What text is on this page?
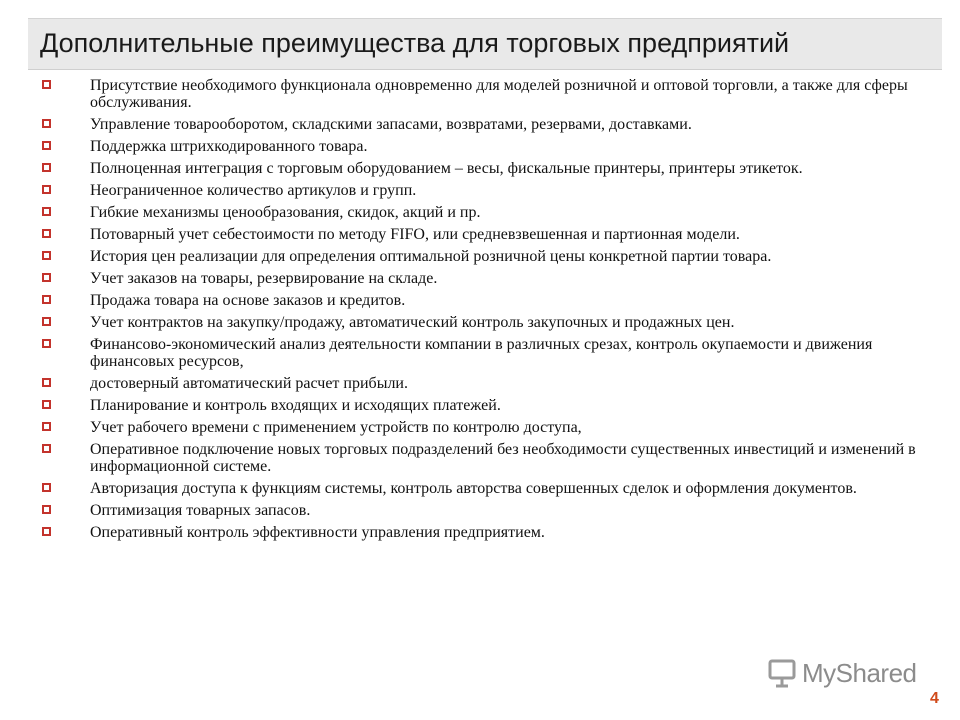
Дополнительные преимущества для торговых предприятий
Присутствие необходимого функционала одновременно для моделей розничной и оптовой торговли, а также для сферы обслуживания.
Управление товарооборотом, складскими запасами, возвратами, резервами, доставками.
Поддержка штрихкодированного товара.
Полноценная интеграция с торговым оборудованием – весы, фискальные принтеры, принтеры этикеток.
Неограниченное количество артикулов и групп.
Гибкие механизмы ценообразования, скидок, акций и пр.
Потоварный учет себестоимости по методу FIFO, или средневзвешенная и партионная модели.
История цен реализации для определения оптимальной розничной цены конкретной партии товара.
Учет заказов на товары, резервирование на складе.
Продажа товара на основе заказов и кредитов.
Учет контрактов на закупку/продажу, автоматический контроль закупочных и продажных цен.
Финансово-экономический анализ деятельности компании в различных срезах, контроль окупаемости и движения финансовых ресурсов,
достоверный автоматический расчет прибыли.
Планирование и контроль входящих и исходящих платежей.
Учет рабочего времени с применением устройств по контролю доступа,
Оперативное подключение новых торговых подразделений без необходимости существенных инвестиций и изменений в информационной системе.
Авторизация доступа к функциям системы, контроль авторства совершенных сделок и оформления документов.
Оптимизация товарных запасов.
Оперативный контроль эффективности управления предприятием.
MyShared
4
